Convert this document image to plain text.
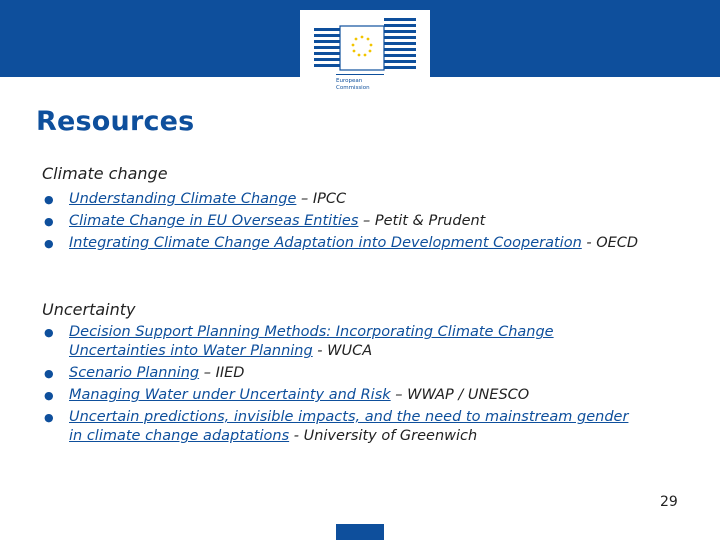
European
Commission
Resources
Climate change
● Understanding Climate Change – IPCC
● Climate Change in EU Overseas Entities – Petit & Prudent
● Integrating Climate Change Adaptation into Development Cooperation - OECD
Uncertainty
● Decision Support Planning Methods: Incorporating Climate Change Uncertainties into Water Planning - WUCA
● Scenario Planning – IIED
● Managing Water under Uncertainty and Risk – WWAP / UNESCO
● Uncertain predictions, invisible impacts, and the need to mainstream gender in climate change adaptations - University of Greenwich
29
